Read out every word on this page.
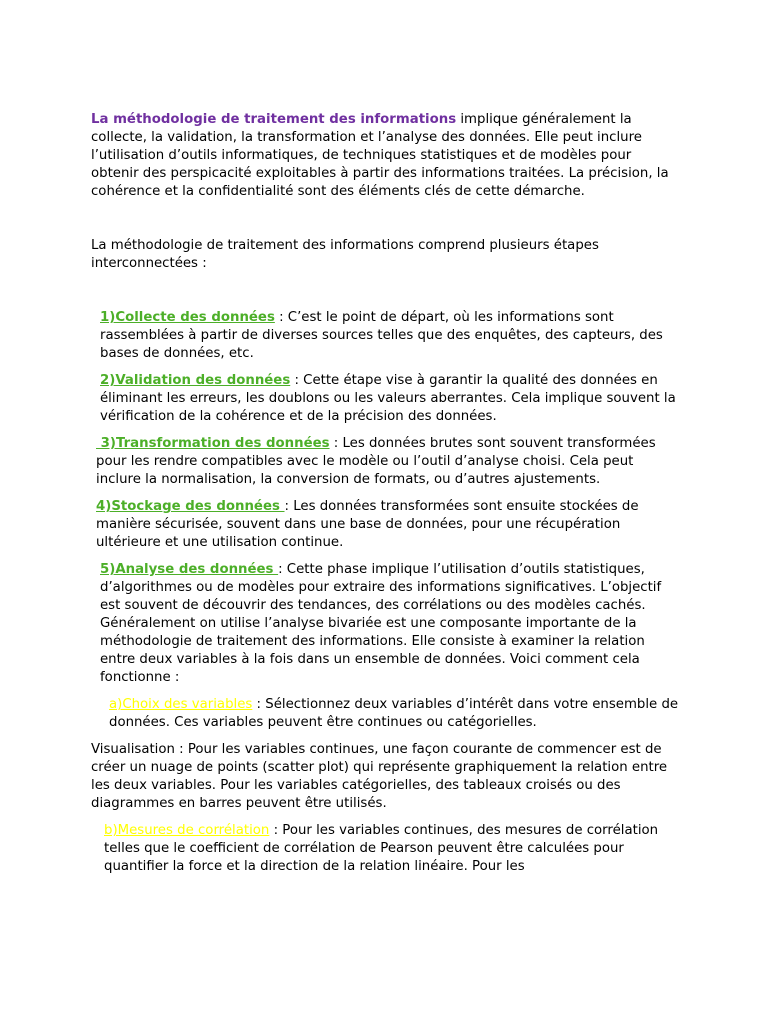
La méthodologie de traitement des informations implique généralement la collecte, la validation, la transformation et l’analyse des données. Elle peut inclure l’utilisation d’outils informatiques, de techniques statistiques et de modèles pour obtenir des perspicacité exploitables à partir des informations traitées. La précision, la cohérence et la confidentialité sont des éléments clés de cette démarche.

La méthodologie de traitement des informations comprend plusieurs étapes interconnectées :

1)Collecte des données : C’est le point de départ, où les informations sont rassemblées à partir de diverses sources telles que des enquêtes, des capteurs, des bases de données, etc.

2)Validation des données : Cette étape vise à garantir la qualité des données en éliminant les erreurs, les doublons ou les valeurs aberrantes. Cela implique souvent la vérification de la cohérence et de la précision des données.

3)Transformation des données : Les données brutes sont souvent transformées pour les rendre compatibles avec le modèle ou l’outil d’analyse choisi. Cela peut inclure la normalisation, la conversion de formats, ou d’autres ajustements.

4)Stockage des données : Les données transformées sont ensuite stockées de manière sécurisée, souvent dans une base de données, pour une récupération ultérieure et une utilisation continue.

5)Analyse des données : Cette phase implique l’utilisation d’outils statistiques, d’algorithmes ou de modèles pour extraire des informations significatives. L’objectif est souvent de découvrir des tendances, des corrélations ou des modèles cachés. Généralement on utilise l’analyse bivariée est une composante importante de la méthodologie de traitement des informations. Elle consiste à examiner la relation entre deux variables à la fois dans un ensemble de données. Voici comment cela fonctionne :

a)Choix des variables : Sélectionnez deux variables d’intérêt dans votre ensemble de données. Ces variables peuvent être continues ou catégorielles.

Visualisation : Pour les variables continues, une façon courante de commencer est de créer un nuage de points (scatter plot) qui représente graphiquement la relation entre les deux variables. Pour les variables catégorielles, des tableaux croisés ou des diagrammes en barres peuvent être utilisés.

b)Mesures de corrélation : Pour les variables continues, des mesures de corrélation telles que le coefficient de corrélation de Pearson peuvent être calculées pour quantifier la force et la direction de la relation linéaire. Pour les
